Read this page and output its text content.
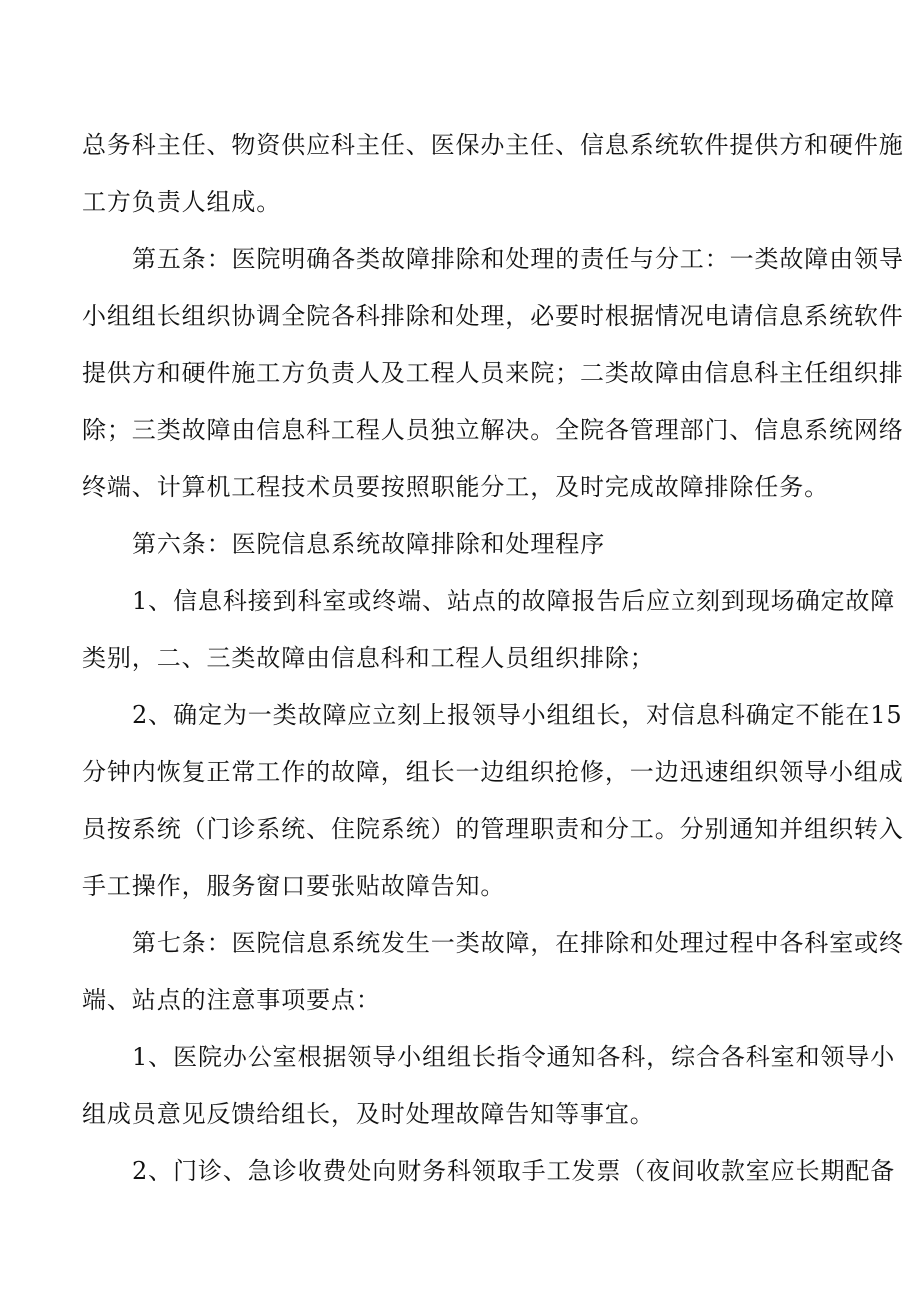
总务科主任、物资供应科主任、医保办主任、信息系统软件提供方和硬件施
工方负责人组成。
第五条：医院明确各类故障排除和处理的责任与分工：一类故障由领导
小组组长组织协调全院各科排除和处理，必要时根据情况电请信息系统软件
提供方和硬件施工方负责人及工程人员来院；二类故障由信息科主任组织排
除；三类故障由信息科工程人员独立解决。全院各管理部门、信息系统网络
终端、计算机工程技术员要按照职能分工，及时完成故障排除任务。
第六条：医院信息系统故障排除和处理程序
1、信息科接到科室或终端、站点的故障报告后应立刻到现场确定故障
类别，二、三类故障由信息科和工程人员组织排除；
2、确定为一类故障应立刻上报领导小组组长，对信息科确定不能在15
分钟内恢复正常工作的故障，组长一边组织抢修，一边迅速组织领导小组成
员按系统（门诊系统、住院系统）的管理职责和分工。分别通知并组织转入
手工操作，服务窗口要张贴故障告知。
第七条：医院信息系统发生一类故障，在排除和处理过程中各科室或终
端、站点的注意事项要点：
1、医院办公室根据领导小组组长指令通知各科，综合各科室和领导小
组成员意见反馈给组长，及时处理故障告知等事宜。
2、门诊、急诊收费处向财务科领取手工发票（夜间收款室应长期配备
